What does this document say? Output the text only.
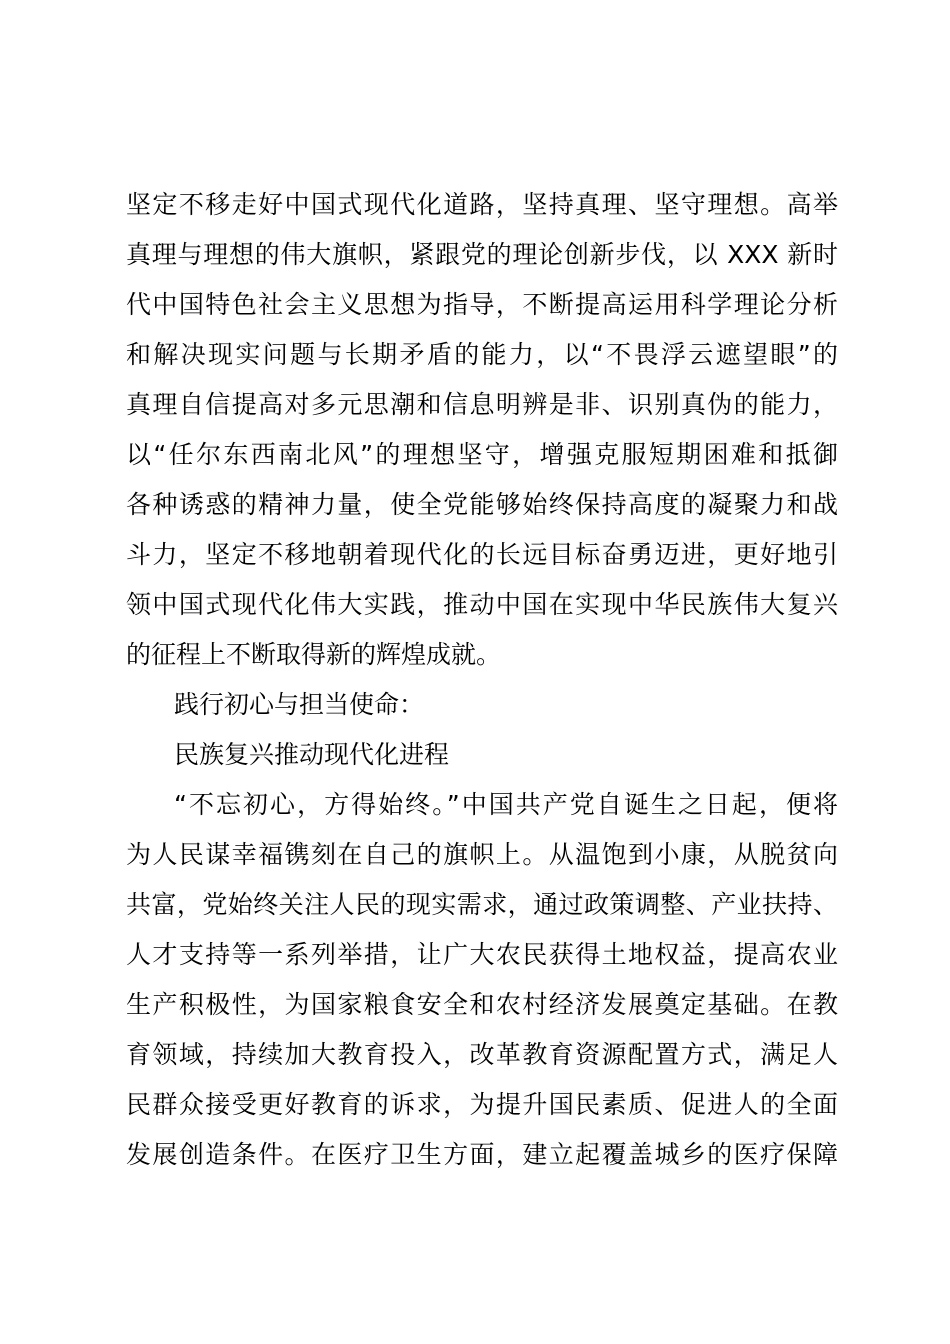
坚定不移走好中国式现代化道路，坚持真理、坚守理想。高举
真理与理想的伟大旗帜，紧跟党的理论创新步伐，以 XXX 新时
代中国特色社会主义思想为指导，不断提高运用科学理论分析
和解决现实问题与长期矛盾的能力，以“不畏浮云遮望眼”的
真理自信提高对多元思潮和信息明辨是非、识别真伪的能力，
以“任尔东西南北风”的理想坚守，增强克服短期困难和抵御
各种诱惑的精神力量，使全党能够始终保持高度的凝聚力和战
斗力，坚定不移地朝着现代化的长远目标奋勇迈进，更好地引
领中国式现代化伟大实践，推动中国在实现中华民族伟大复兴
的征程上不断取得新的辉煌成就。
践行初心与担当使命：
民族复兴推动现代化进程
“不忘初心，方得始终。”中国共产党自诞生之日起，便将
为人民谋幸福镌刻在自己的旗帜上。从温饱到小康，从脱贫向
共富，党始终关注人民的现实需求，通过政策调整、产业扶持、
人才支持等一系列举措，让广大农民获得土地权益，提高农业
生产积极性，为国家粮食安全和农村经济发展奠定基础。在教
育领域，持续加大教育投入，改革教育资源配置方式，满足人
民群众接受更好教育的诉求，为提升国民素质、促进人的全面
发展创造条件。在医疗卫生方面，建立起覆盖城乡的医疗保障
